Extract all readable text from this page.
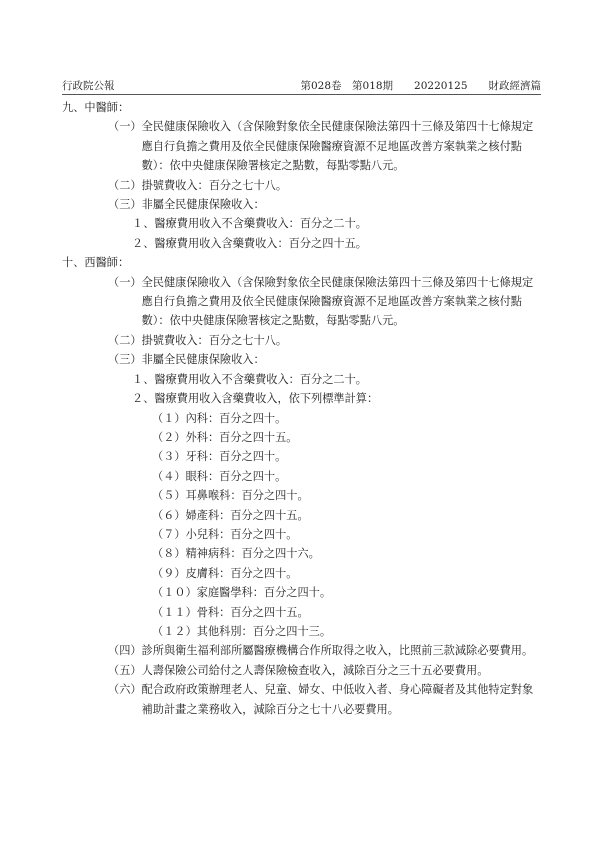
行政院公報	第028卷　第018期　　20220125　　財政經濟篇
九、中醫師：
（一） 全民健康保險收入（含保險對象依全民健康保險法第四十三條及第四十七條規定應自行負擔之費用及依全民健康保險醫療資源不足地區改善方案執業之核付點數）：依中央健康保險署核定之點數，每點零點八元。
（二） 掛號費收入：百分之七十八。
（三） 非屬全民健康保險收入：
１、醫療費用收入不含藥費收入：百分之二十。
２、醫療費用收入含藥費收入：百分之四十五。
十、西醫師：
（一） 全民健康保險收入（含保險對象依全民健康保險法第四十三條及第四十七條規定應自行負擔之費用及依全民健康保險醫療資源不足地區改善方案執業之核付點數）：依中央健康保險署核定之點數，每點零點八元。
（二） 掛號費收入：百分之七十八。
（三） 非屬全民健康保險收入：
１、醫療費用收入不含藥費收入：百分之二十。
２、醫療費用收入含藥費收入，依下列標準計算：
（１）內科：百分之四十。
（２）外科：百分之四十五。
（３）牙科：百分之四十。
（４）眼科：百分之四十。
（５）耳鼻喉科：百分之四十。
（６）婦產科：百分之四十五。
（７）小兒科：百分之四十。
（８）精神病科：百分之四十六。
（９）皮膚科：百分之四十。
（１０）家庭醫學科：百分之四十。
（１１）骨科：百分之四十五。
（１２）其他科別：百分之四十三。
（四） 診所與衛生福利部所屬醫療機構合作所取得之收入，比照前三款減除必要費用。
（五） 人壽保險公司給付之人壽保險檢查收入，減除百分之三十五必要費用。
（六） 配合政府政策辦理老人、兒童、婦女、中低收入者、身心障礙者及其他特定對象補助計畫之業務收入，減除百分之七十八必要費用。
